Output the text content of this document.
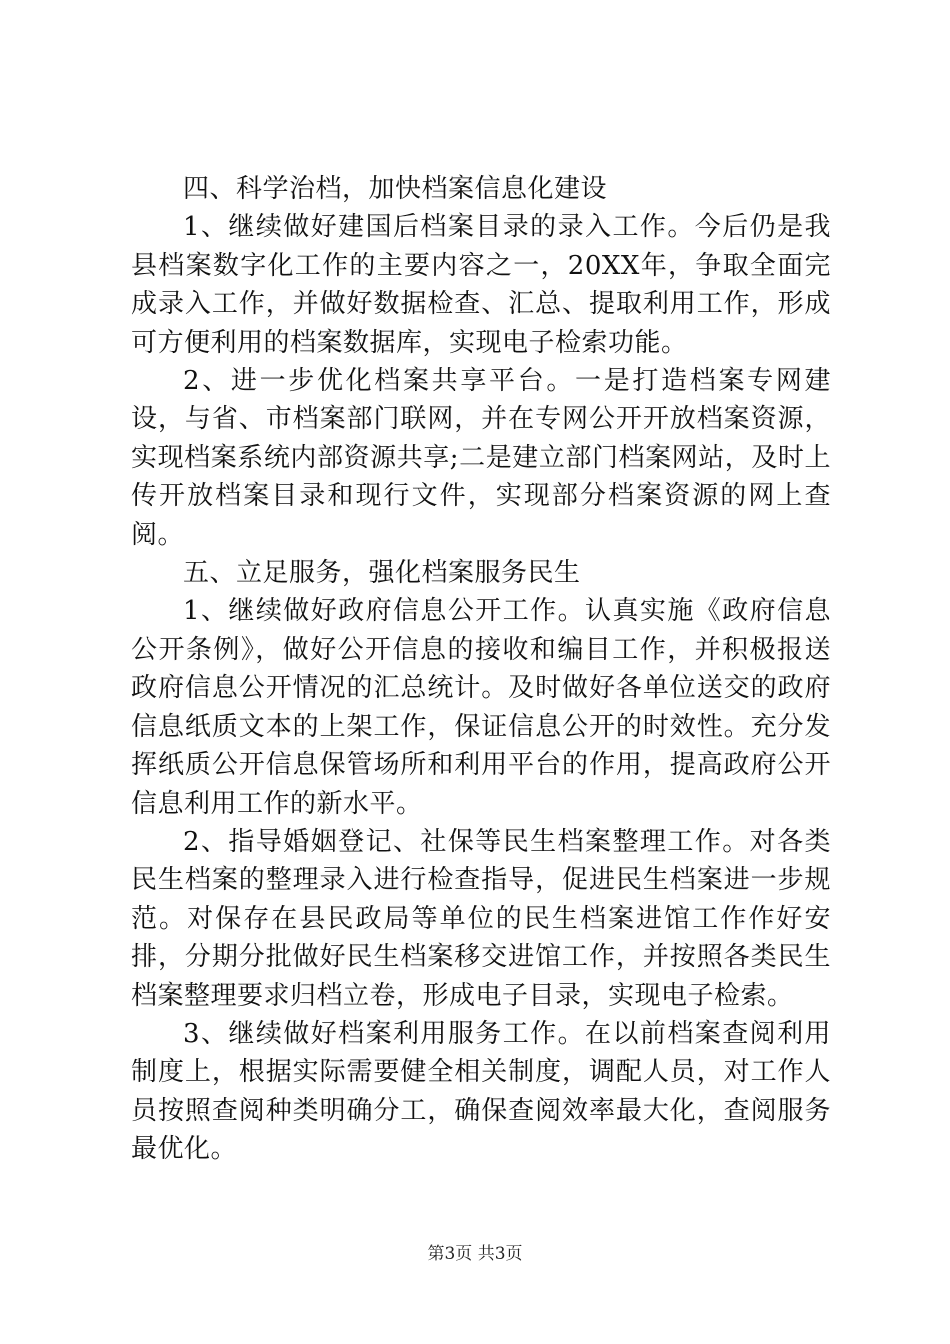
四、科学治档，加快档案信息化建设

1、继续做好建国后档案目录的录入工作。今后仍是我县档案数字化工作的主要内容之一，20XX年，争取全面完成录入工作，并做好数据检查、汇总、提取利用工作，形成可方便利用的档案数据库，实现电子检索功能。

2、进一步优化档案共享平台。一是打造档案专网建设，与省、市档案部门联网，并在专网公开开放档案资源，实现档案系统内部资源共享;二是建立部门档案网站，及时上传开放档案目录和现行文件，实现部分档案资源的网上查阅。

五、立足服务，强化档案服务民生

1、继续做好政府信息公开工作。认真实施《政府信息公开条例》，做好公开信息的接收和编目工作，并积极报送政府信息公开情况的汇总统计。及时做好各单位送交的政府信息纸质文本的上架工作，保证信息公开的时效性。充分发挥纸质公开信息保管场所和利用平台的作用，提高政府公开信息利用工作的新水平。

2、指导婚姻登记、社保等民生档案整理工作。对各类民生档案的整理录入进行检查指导，促进民生档案进一步规范。对保存在县民政局等单位的民生档案进馆工作作好安排，分期分批做好民生档案移交进馆工作，并按照各类民生档案整理要求归档立卷，形成电子目录，实现电子检索。

3、继续做好档案利用服务工作。在以前档案查阅利用制度上，根据实际需要健全相关制度，调配人员，对工作人员按照查阅种类明确分工，确保查阅效率最大化，查阅服务最优化。

第3页 共3页
